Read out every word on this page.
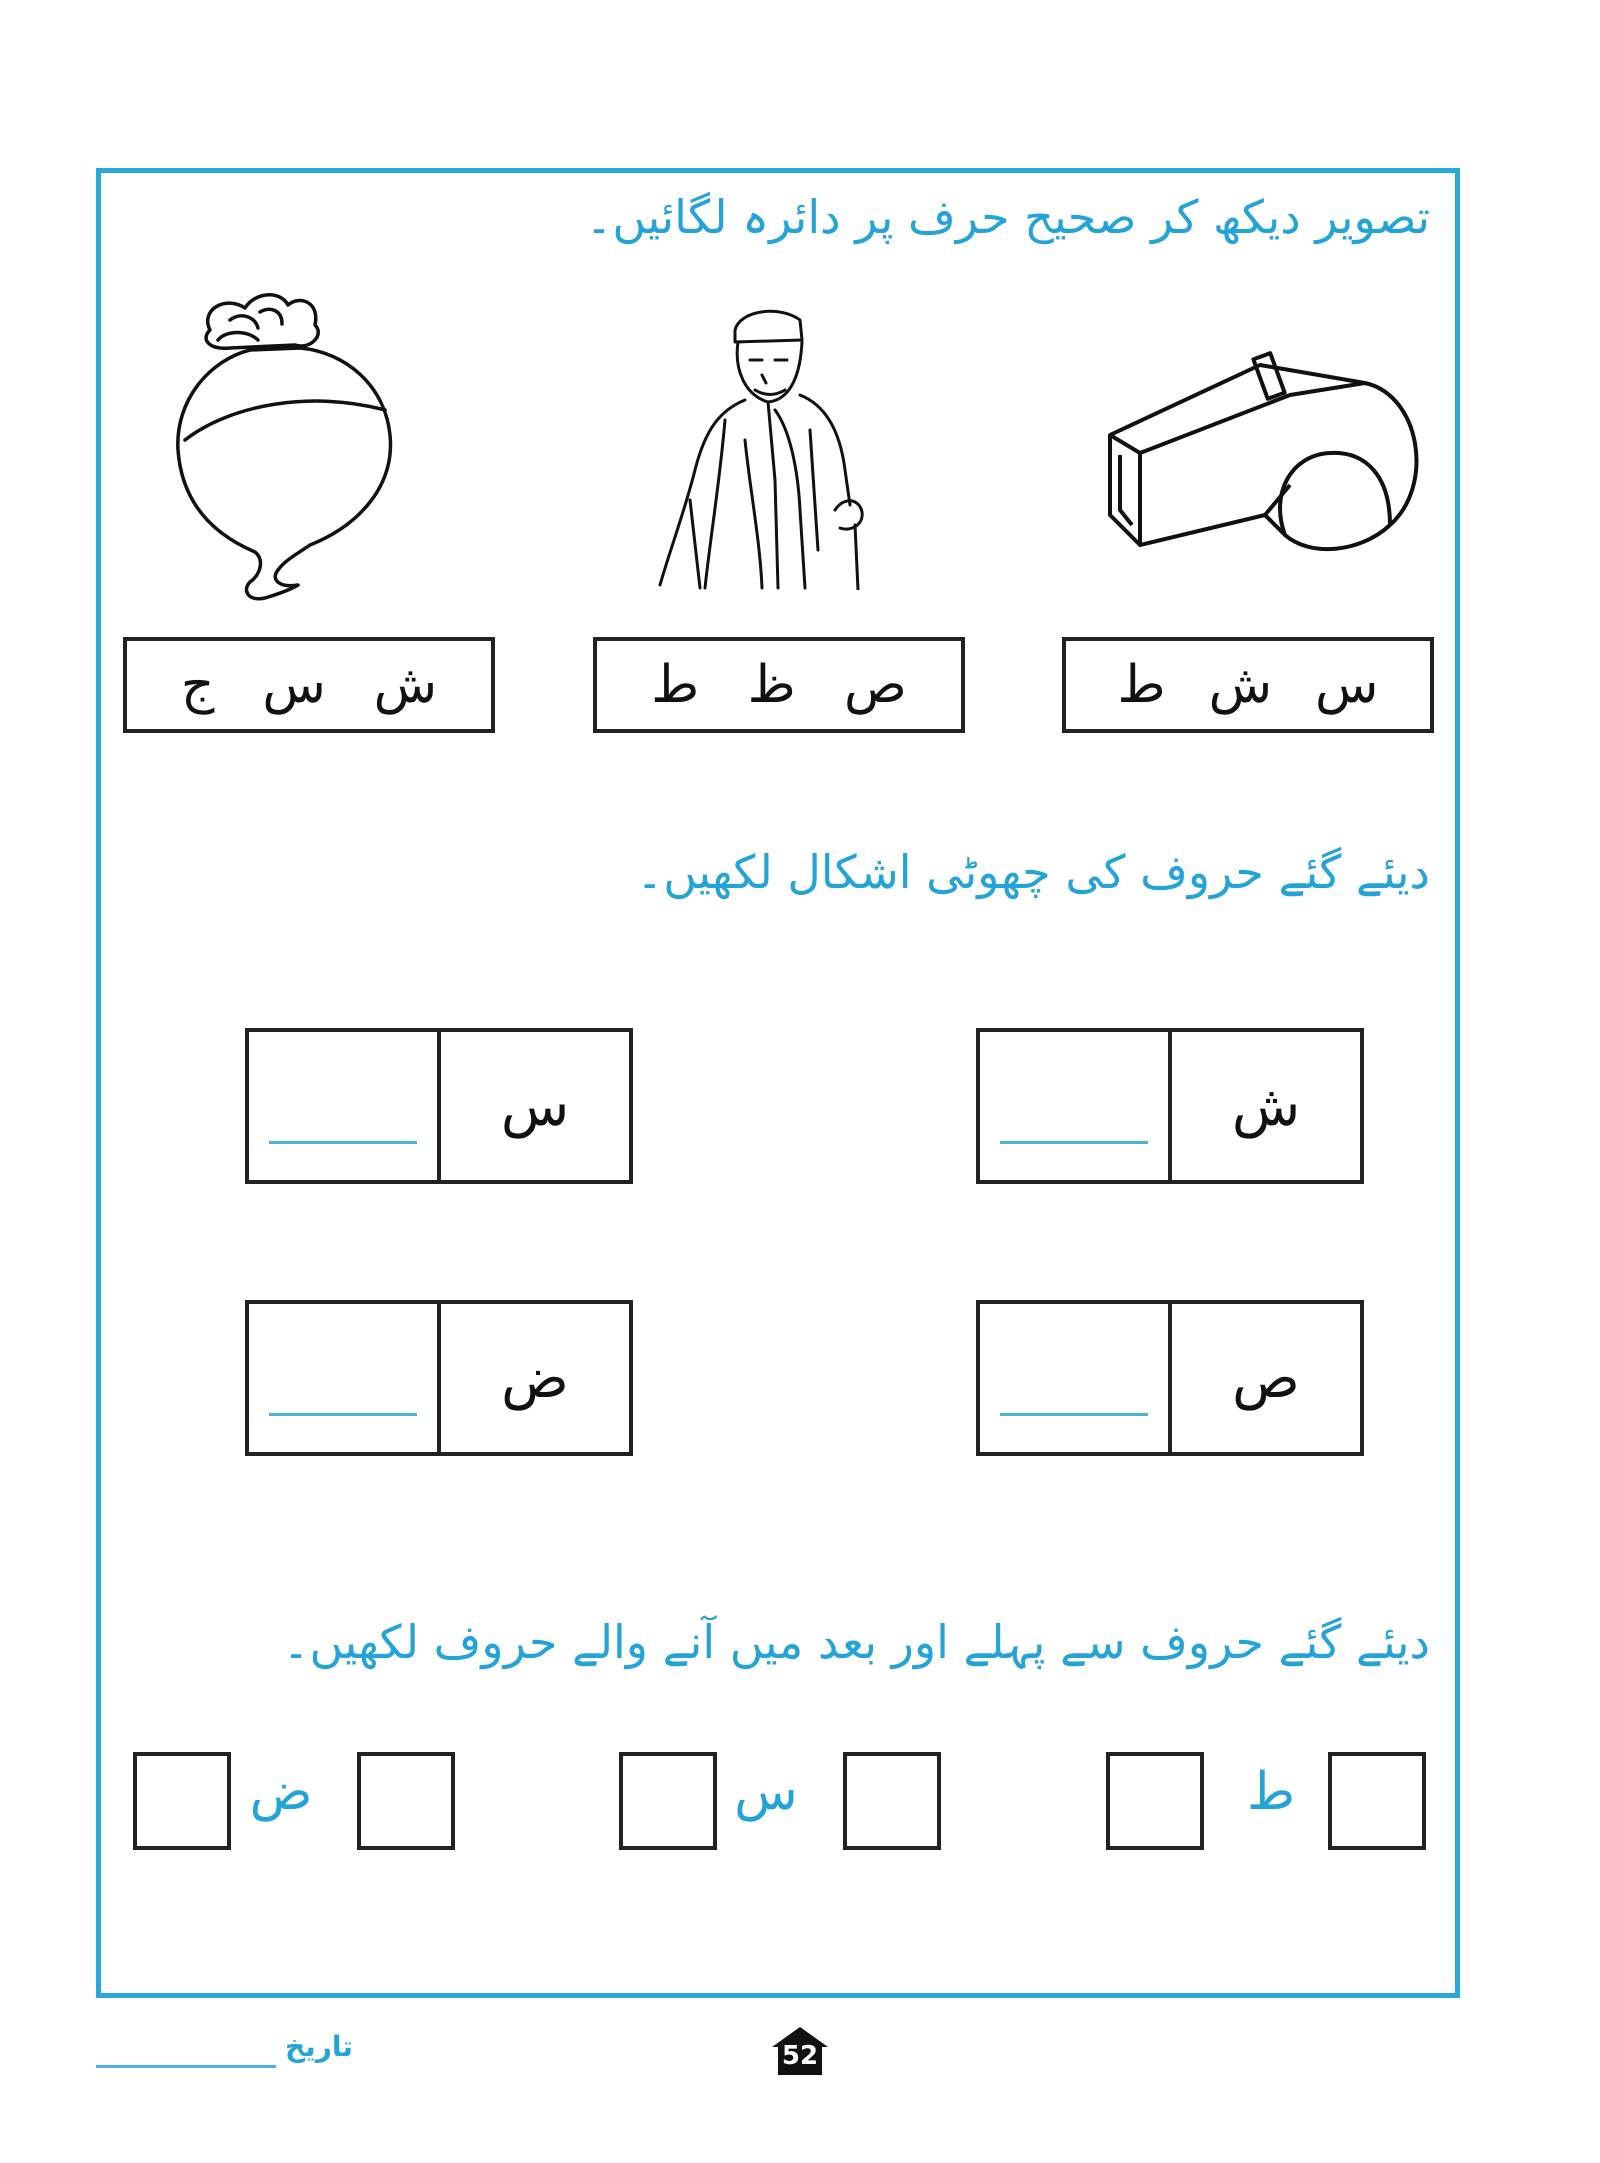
تصویر دیکھ کر صحیح حرف پر دائرہ لگائیں۔
س
ش
ط
ص
ظ
ط
ش
س
ج
دیئے گئے حروف کی چھوٹی اشکال لکھیں۔
ش
س
ص
ض
دیئے گئے حروف سے پہلے اور بعد میں آنے والے حروف لکھیں۔
ط
س
ض
تاریخ	52
